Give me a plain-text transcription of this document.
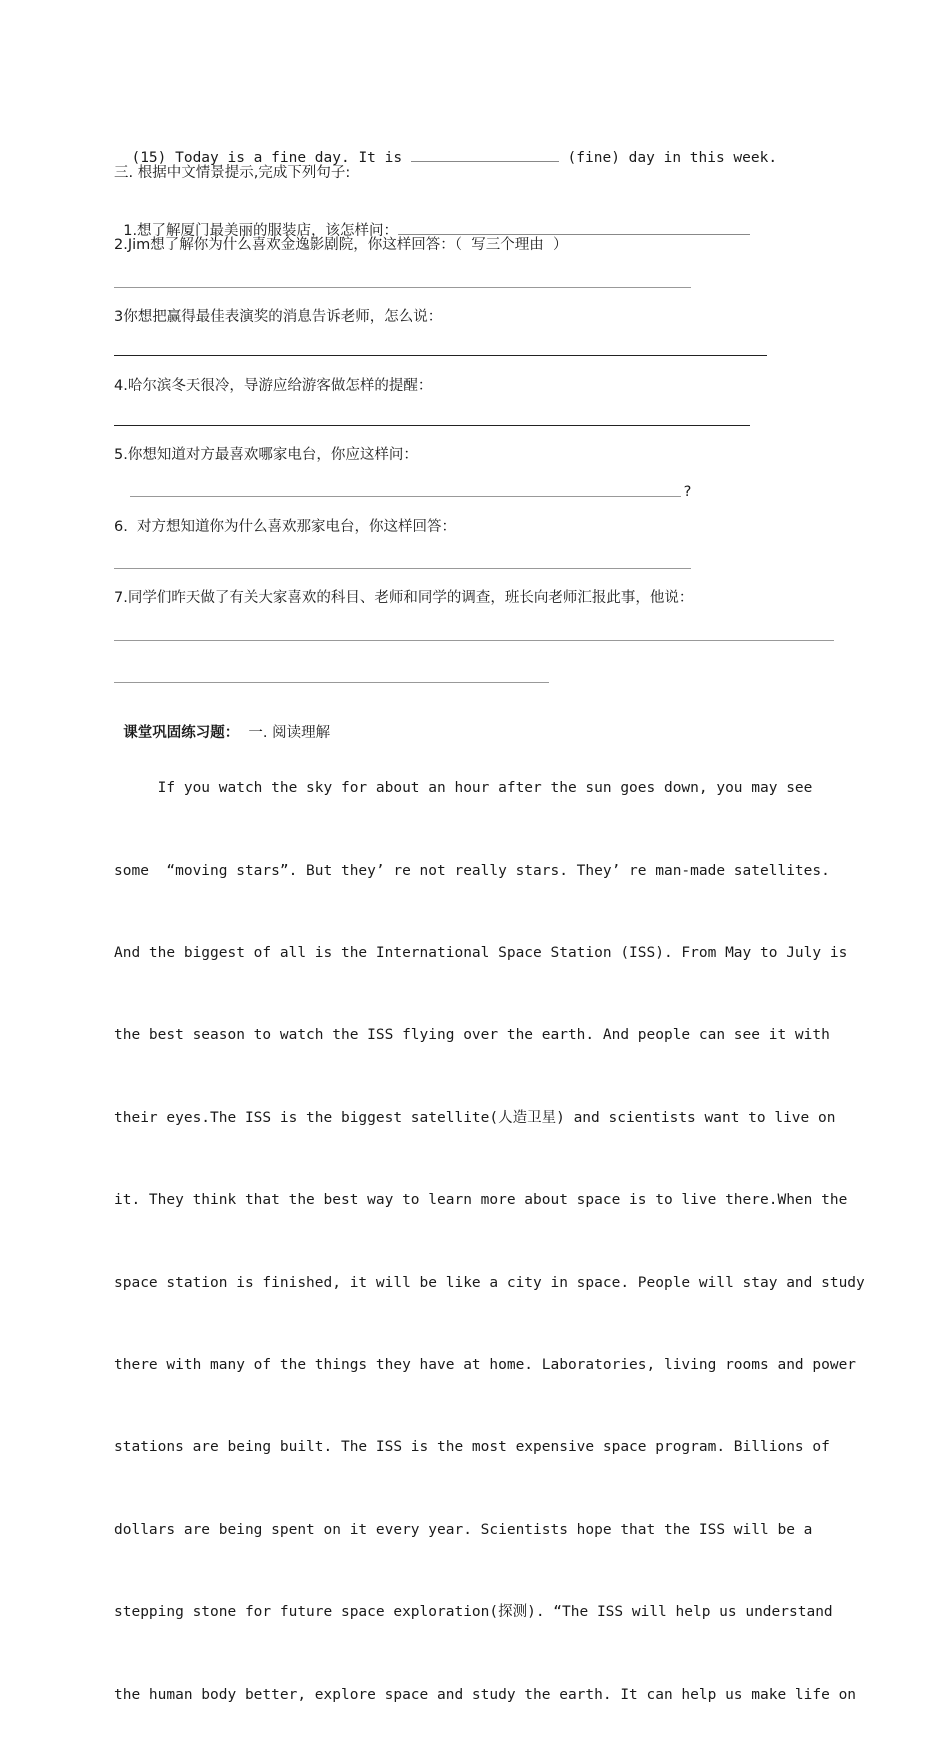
(15) Today is a fine day. It is	(fine) day in this week.

三. 根据中文情景提示,完成下列句子:

1.想了解厦门最美丽的服装店，该怎样问：

2.Jim想了解你为什么喜欢金逸影剧院，你这样回答：（  写三个理由  ）
3你想把赢得最佳表演奖的消息告诉老师，怎么说：
4.哈尔滨冬天很冷，导游应给游客做怎样的提醒：
5.你想知道对方最喜欢哪家电台，你应这样问：
?
6.  对方想知道你为什么喜欢那家电台，你这样回答：
7.同学们昨天做了有关大家喜欢的科目、老师和同学的调查，班长向老师汇报此事，他说：

课堂巩固练习题：  一. 阅读理解

If you watch the sky for about an hour after the sun goes down, you may see

some  “moving stars”. But they’ re not really stars. They’ re man-made satellites.

And the biggest of all is the International Space Station (ISS). From May to July is

the best season to watch the ISS flying over the earth. And people can see it with

their eyes.The ISS is the biggest satellite(人造卫星) and scientists want to live on

it. They think that the best way to learn more about space is to live there.When the

space station is finished, it will be like a city in space. People will stay and study

there with many of the things they have at home. Laboratories, living rooms and power

stations are being built. The ISS is the most expensive space program. Billions of

dollars are being spent on it every year. Scientists hope that the ISS will be a

stepping stone for future space exploration(探测). “The ISS will help us understand

the human body better, explore space and study the earth. It can help us make life on
